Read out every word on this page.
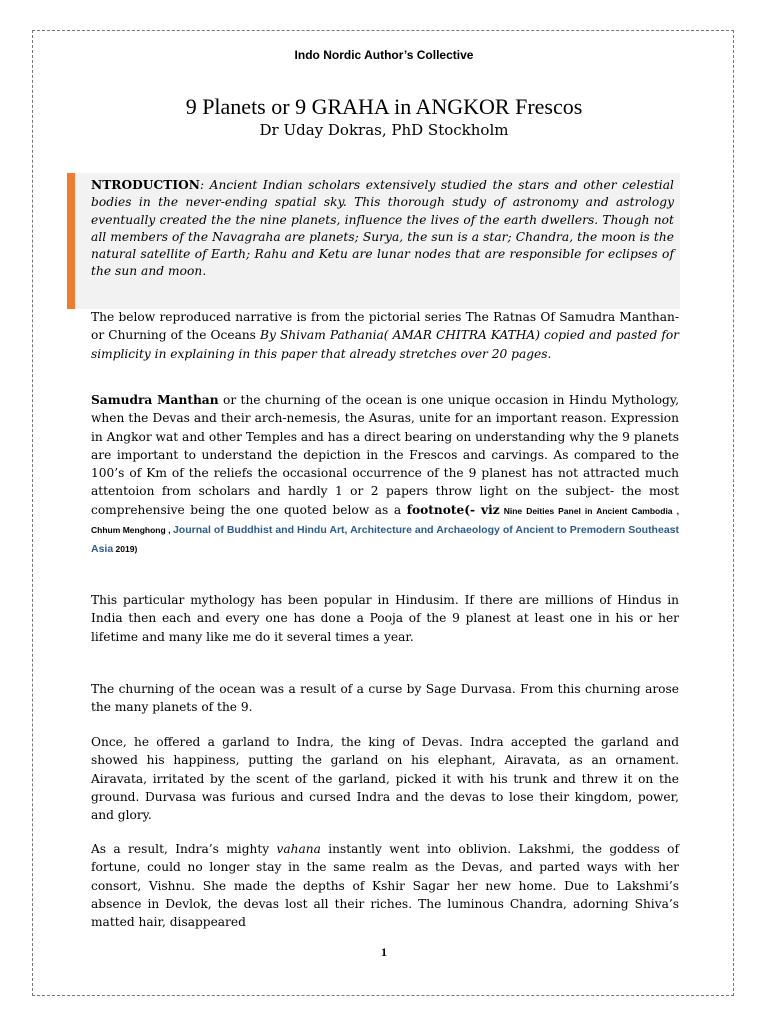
Indo Nordic Author’s Collective
9 Planets or 9 GRAHA in ANGKOR Frescos
Dr Uday Dokras, PhD Stockholm
NTRODUCTION: Ancient Indian scholars extensively studied the stars and other celestial bodies in the never-ending spatial sky. This thorough study of astronomy and astrology eventually created the the nine planets, influence the lives of the earth dwellers. Though not all members of the Navagraha are planets; Surya, the sun is a star; Chandra, the moon is the natural satellite of Earth; Rahu and Ketu are lunar nodes that are responsible for eclipses of the sun and moon.
The below reproduced narrative is from the pictorial series The Ratnas Of Samudra Manthan-or Churning of the Oceans By Shivam Pathania( AMAR CHITRA KATHA) copied and pasted for simplicity in explaining in this paper that already stretches over 20 pages.
Samudra Manthan or the churning of the ocean is one unique occasion in Hindu Mythology, when the Devas and their arch-nemesis, the Asuras, unite for an important reason. Expression in Angkor wat and other Temples and has a direct bearing on understanding why the 9 planets are important to understand the depiction in the Frescos and carvings. As compared to the 100’s of Km of the reliefs the occasional occurrence of the 9 planest has not attracted much attentoion from scholars and hardly 1 or 2 papers throw light on the subject- the most comprehensive being the one quoted below as a footnote(- viz Nine Deities Panel in Ancient Cambodia , Chhum Menghong , Journal of Buddhist and Hindu Art, Architecture and Archaeology of Ancient to Premodern Southeast Asia 2019)
This particular mythology has been popular in Hindusim. If there are millions of Hindus in India then each and every one has done a Pooja of the 9 planest at least one in his or her lifetime and many like me do it several times a year.
The churning of the ocean was a result of a curse by Sage Durvasa. From this churning arose the many planets of the 9.
Once, he offered a garland to Indra, the king of Devas. Indra accepted the garland and showed his happiness, putting the garland on his elephant, Airavata, as an ornament. Airavata, irritated by the scent of the garland, picked it with his trunk and threw it on the ground. Durvasa was furious and cursed Indra and the devas to lose their kingdom, power, and glory.
As a result, Indra’s mighty vahana instantly went into oblivion. Lakshmi, the goddess of fortune, could no longer stay in the same realm as the Devas, and parted ways with her consort, Vishnu. She made the depths of Kshir Sagar her new home. Due to Lakshmi’s absence in Devlok, the devas lost all their riches. The luminous Chandra, adorning Shiva’s matted hair, disappeared
1
